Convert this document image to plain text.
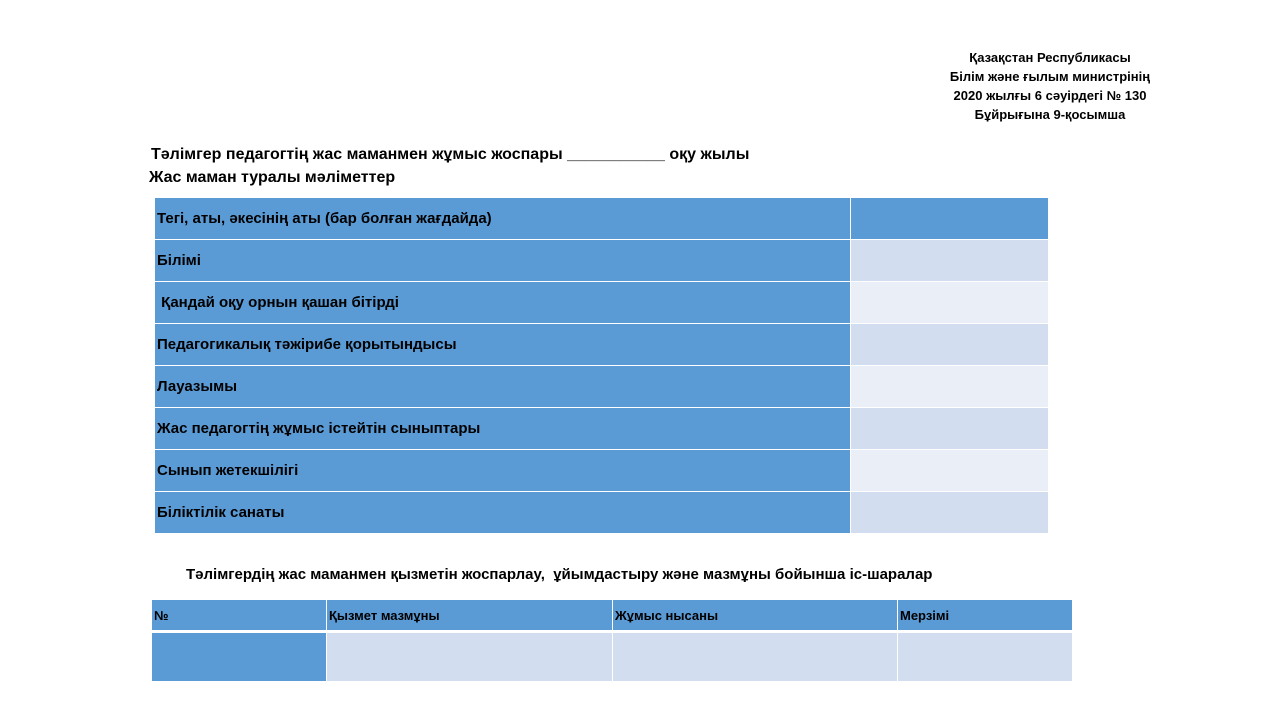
Қазақстан Республикасы
Білім және ғылым министрінің
2020 жылғы 6 сәуірдегі № 130
Бұйрығына 9-қосымша
Тәлімгер педагогтің жас маманмен жұмыс жоспары ___________ оқу жылы
Жас маман туралы мәліметтер
Тегі, аты, әкесінің аты (бар болған жағдайда)	
Білімі	
Қандай оқу орнын қашан бітірді	
Педагогикалық тәжірибе қорытындысы	
Лауазымы	
Жас педагогтің жұмыс істейтін сыныптары	
Сынып жетекшілігі	
Біліктілік санаты	
Тәлімгердің жас маманмен қызметін жоспарлау,  ұйымдастыру және мазмұны бойынша іс-шаралар
№	Қызмет мазмұны	Жұмыс нысаны	Мерзімі
